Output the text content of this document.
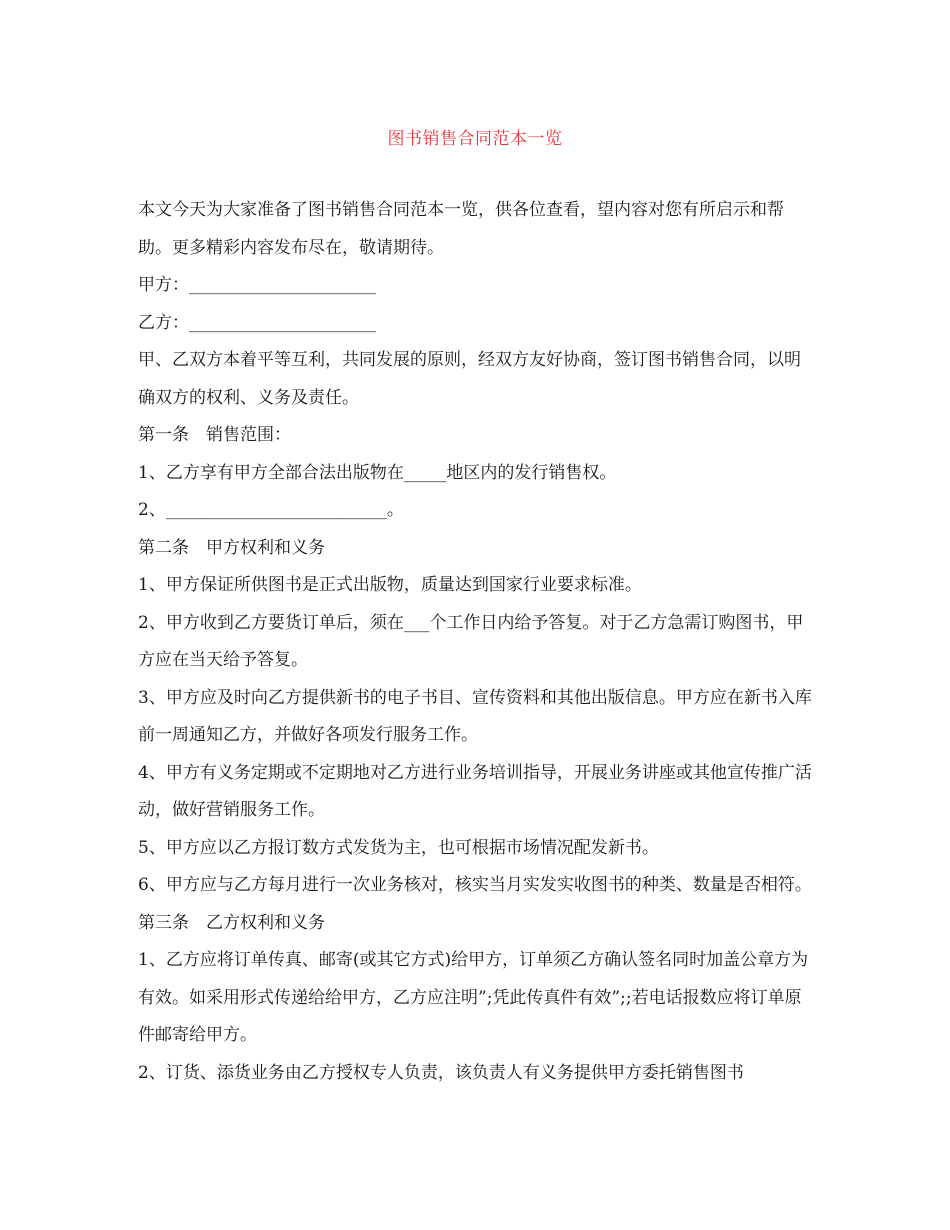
图书销售合同范本一览

本文今天为大家准备了图书销售合同范本一览，供各位查看，望内容对您有所启示和帮助。更多精彩内容发布尽在，敬请期待。

甲方：______________________

乙方：______________________

甲、乙双方本着平等互利，共同发展的原则，经双方友好协商，签订图书销售合同，以明确双方的权利、义务及责任。

第一条　销售范围：

1、乙方享有甲方全部合法出版物在_____地区内的发行销售权。

2、__________________________。

第二条　甲方权利和义务

1、甲方保证所供图书是正式出版物，质量达到国家行业要求标准。

2、甲方收到乙方要货订单后，须在___个工作日内给予答复。对于乙方急需订购图书，甲方应在当天给予答复。

3、甲方应及时向乙方提供新书的电子书目、宣传资料和其他出版信息。甲方应在新书入库前一周通知乙方，并做好各项发行服务工作。

4、甲方有义务定期或不定期地对乙方进行业务培训指导，开展业务讲座或其他宣传推广活动，做好营销服务工作。

5、甲方应以乙方报订数方式发货为主，也可根据市场情况配发新书。

6、甲方应与乙方每月进行一次业务核对，核实当月实发实收图书的种类、数量是否相符。

第三条　乙方权利和义务

1、乙方应将订单传真、邮寄(或其它方式)给甲方，订单须乙方确认签名同时加盖公章方为有效。如采用形式传递给给甲方，乙方应注明”;凭此传真件有效”;;若电话报数应将订单原件邮寄给甲方。

2、订货、添货业务由乙方授权专人负责，该负责人有义务提供甲方委托销售图书
